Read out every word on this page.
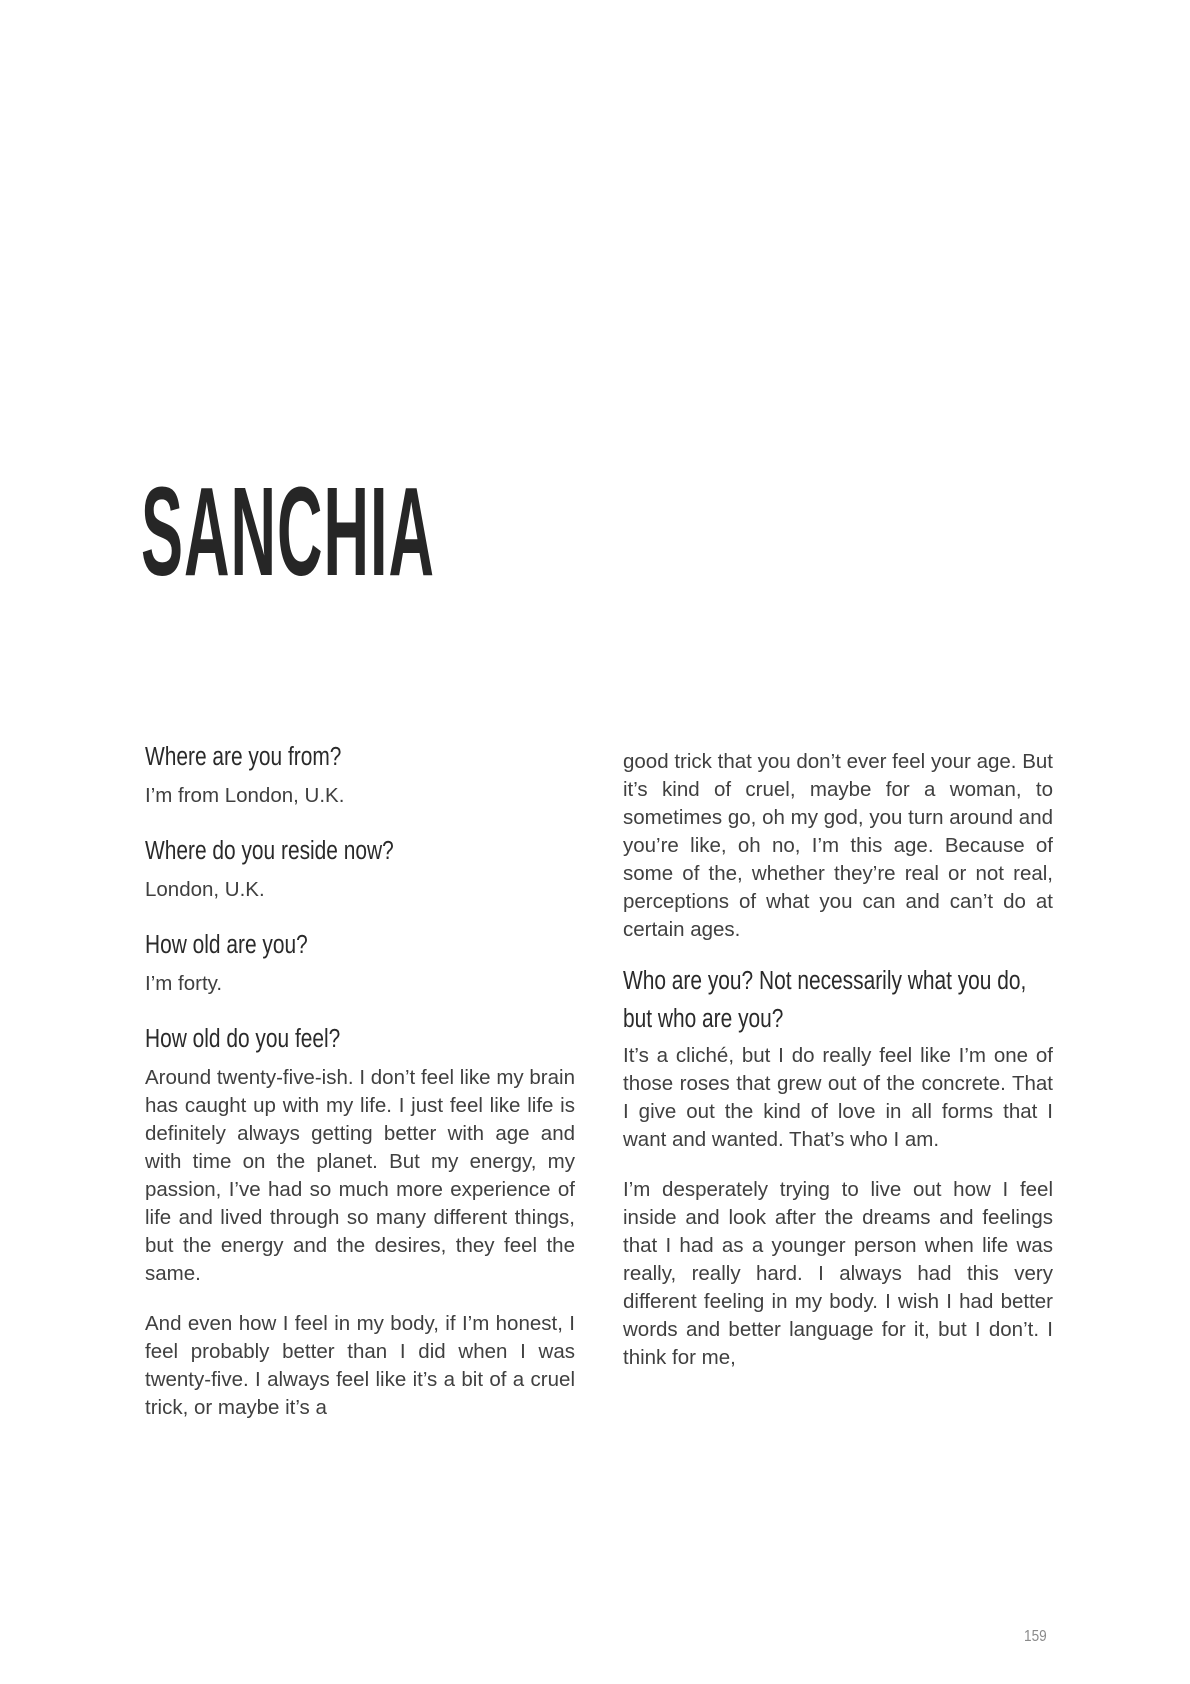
SANCHIA

Where are you from?

I’m from London, U.K.

Where do you reside now?

London, U.K.

How old are you?

I’m forty.

How old do you feel?

Around twenty-five-ish. I don’t feel like my brain has caught up with my life. I just feel like life is definitely always getting better with age and with time on the planet. But my energy, my passion, I’ve had so much more experience of life and lived through so many different things, but the energy and the desires, they feel the same.

And even how I feel in my body, if I’m honest, I feel probably better than I did when I was twenty-five. I always feel like it’s a bit of a cruel trick, or maybe it’s a

good trick that you don’t ever feel your age. But it’s kind of cruel, maybe for a woman, to sometimes go, oh my god, you turn around and you’re like, oh no, I’m this age. Because of some of the, whether they’re real or not real, perceptions of what you can and can’t do at certain ages.

Who are you? Not necessarily what you do, but who are you?

It’s a cliché, but I do really feel like I’m one of those roses that grew out of the concrete. That I give out the kind of love in all forms that I want and wanted. That’s who I am.

I’m desperately trying to live out how I feel inside and look after the dreams and feelings that I had as a younger person when life was really, really hard. I always had this very different feeling in my body. I wish I had better words and better language for it, but I don’t. I think for me,

159
